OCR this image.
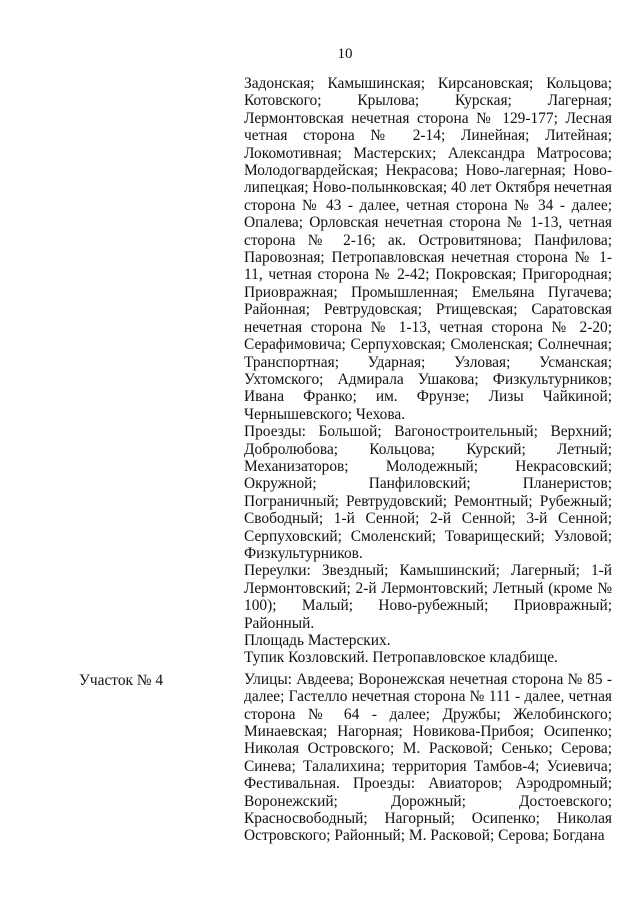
10

Задонская; Камышинская; Кирсановская; Кольцова; Котовского; Крылова; Курская; Лагерная; Лермонтовская нечетная сторона № 129-177; Лесная четная сторона № 2-14; Линейная; Литейная; Локомотивная; Мастерских; Александра Матросова; Молодогвардейская; Некрасова; Ново-лагерная; Ново-липецкая; Ново-полынковская; 40 лет Октября нечетная сторона № 43 - далее, четная сторона № 34 - далее; Опалева; Орловская нечетная сторона № 1-13, четная сторона № 2-16; ак. Островитянова; Панфилова; Паровозная; Петропавловская нечетная сторона № 1-11, четная сторона № 2-42; Покровская; Пригородная; Приовражная; Промышленная; Емельяна Пугачева; Районная; Ревтрудовская; Ртищевская; Саратовская нечетная сторона № 1-13, четная сторона № 2-20; Серафимовича; Серпуховская; Смоленская; Солнечная; Транспортная; Ударная; Узловая; Усманская; Ухтомского; Адмирала Ушакова; Физкультурников; Ивана Франко; им. Фрунзе; Лизы Чайкиной; Чернышевского; Чехова.

Проезды: Большой; Вагоностроительный; Верхний; Добролюбова; Кольцова; Курский; Летный; Механизаторов; Молодежный; Некрасовский; Окружной; Панфиловский; Планеристов; Пограничный; Ревтрудовский; Ремонтный; Рубежный; Свободный; 1-й Сенной; 2-й Сенной; 3-й Сенной; Серпуховский; Смоленский; Товарищеский; Узловой; Физкультурников.

Переулки: Звездный; Камышинский; Лагерный; 1-й Лермонтовский; 2-й Лермонтовский; Летный (кроме № 100); Малый; Ново-рубежный; Приовражный; Районный.

Площадь Мастерских.

Тупик Козловский. Петропавловское кладбище.

Улицы: Авдеева; Воронежская нечетная сторона № 85 - далее; Гастелло нечетная сторона № 111 - далее, четная сторона № 64 - далее; Дружбы; Желобинского; Минаевская; Нагорная; Новикова-Прибоя; Осипенко; Николая Островского; М. Расковой; Сенько; Серова; Синева; Талалихина; территория Тамбов-4; Усиевича; Фестивальная. Проезды: Авиаторов; Аэродромный; Воронежский; Дорожный; Достоевского; Красносвободный; Нагорный; Осипенко; Николая Островского; Районный; М. Расковой; Серова; Богдана

Участок № 4
